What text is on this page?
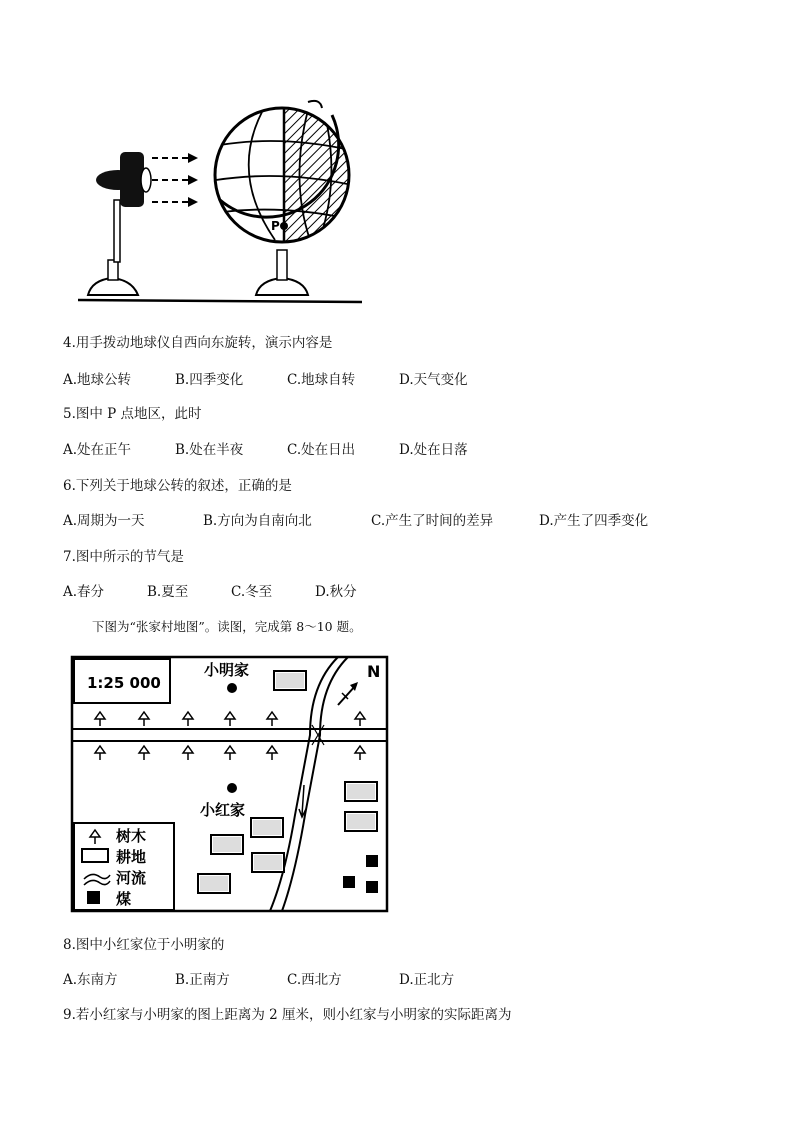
P
4.用手拨动地球仪自西向东旋转，演示内容是
A.地球公转	B.四季变化	C.地球自转	D.天气变化
5.图中 P 点地区，此时
A.处在正午	B.处在半夜	C.处在日出	D.处在日落
6.下列关于地球公转的叙述，正确的是
A.周期为一天	B.方向为自南向北	C.产生了时间的差异	D.产生了四季变化
7.图中所示的节气是
A.春分	B.夏至	C.冬至	D.秋分
下图为“张家村地图”。读图，完成第 8～10 题。
1:25 000
N
小明家
小红家
树木
耕地
河流
煤
8.图中小红家位于小明家的
A.东南方	B.正南方	C.西北方	D.正北方
9.若小红家与小明家的图上距离为 2 厘米，则小红家与小明家的实际距离为
